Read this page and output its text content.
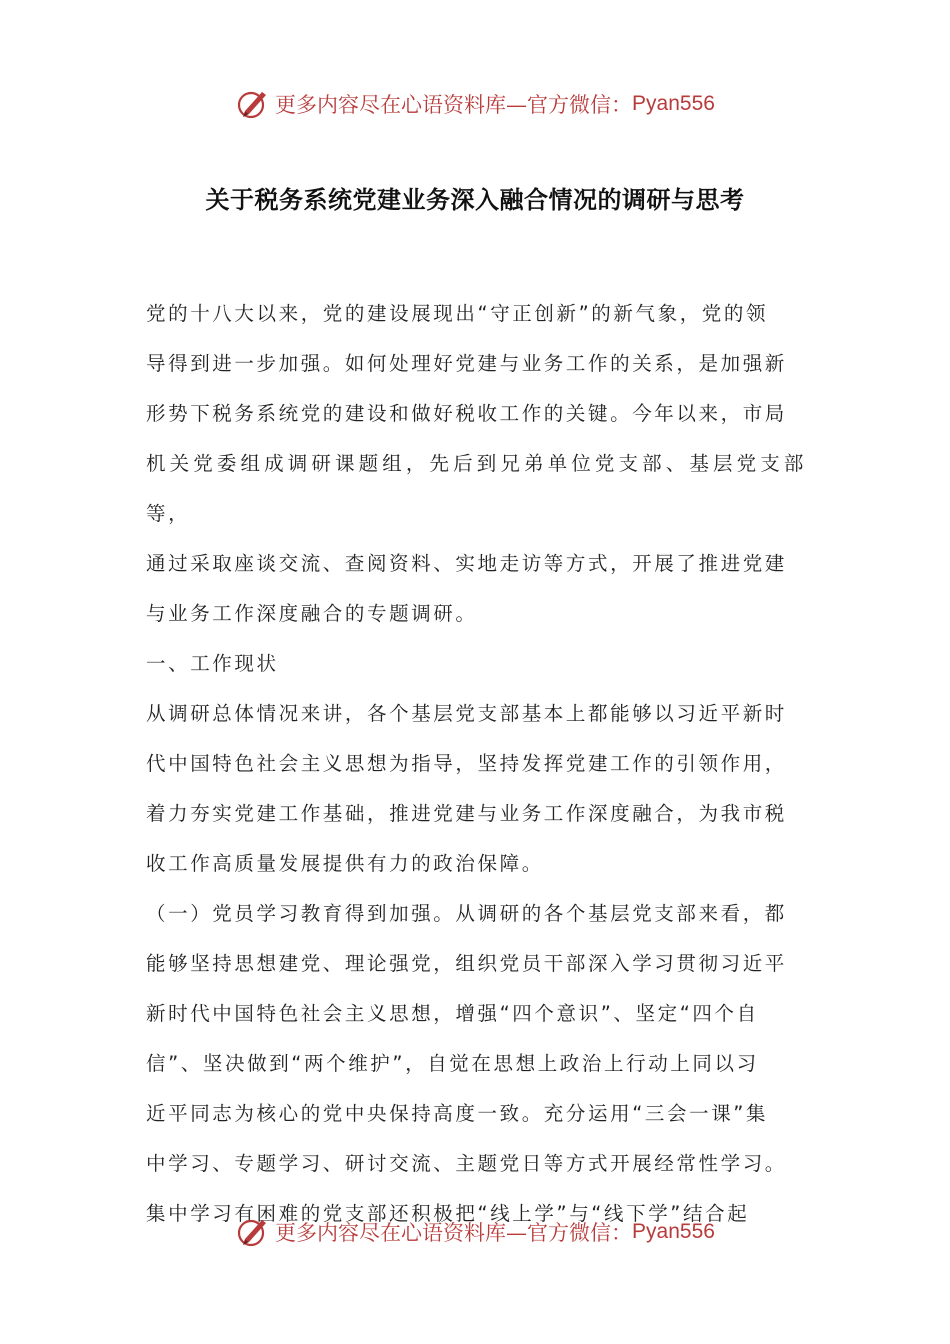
更多内容尽在心语资料库—官方微信： Pyan556
关于税务系统党建业务深入融合情况的调研与思考

党的十八大以来，党的建设展现出“守正创新”的新气象，党的领

导得到进一步加强。如何处理好党建与业务工作的关系，是加强新

形势下税务系统党的建设和做好税收工作的关键。今年以来，市局

机关党委组成调研课题组，先后到兄弟单位党支部、基层党支部等，

通过采取座谈交流、查阅资料、实地走访等方式，开展了推进党建

与业务工作深度融合的专题调研。

一、工作现状

从调研总体情况来讲，各个基层党支部基本上都能够以习近平新时

代中国特色社会主义思想为指导，坚持发挥党建工作的引领作用，

着力夯实党建工作基础，推进党建与业务工作深度融合，为我市税

收工作高质量发展提供有力的政治保障。

（一）党员学习教育得到加强。从调研的各个基层党支部来看，都

能够坚持思想建党、理论强党，组织党员干部深入学习贯彻习近平

新时代中国特色社会主义思想，增强“四个意识”、坚定“四个自

信”、坚决做到“两个维护”，自觉在思想上政治上行动上同以习

近平同志为核心的党中央保持高度一致。充分运用“三会一课”集

中学习、专题学习、研讨交流、主题党日等方式开展经常性学习。

集中学习有困难的党支部还积极把“线上学”与“线下学”结合起

更多内容尽在心语资料库—官方微信： Pyan556
